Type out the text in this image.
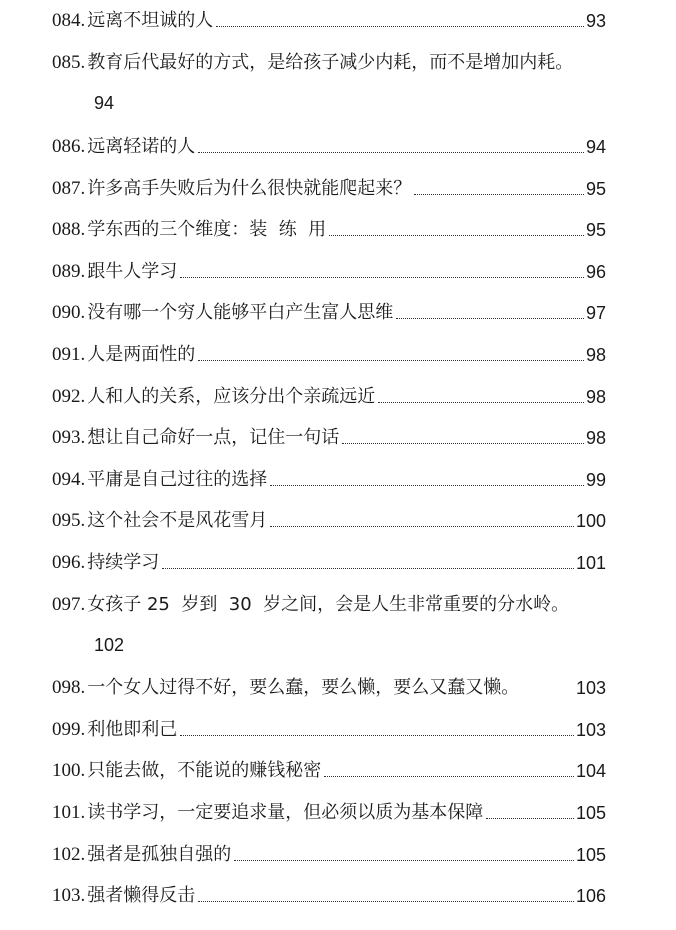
084. 远离不坦诚的人	93
085. 教育后代最好的方式，是给孩子减少内耗，而不是增加内耗。
94
086. 远离轻诺的人	94
087. 许多高手失败后为什么很快就能爬起来？	95
088. 学东西的三个维度：装  练  用	95
089. 跟牛人学习	96
090. 没有哪一个穷人能够平白产生富人思维	97
091. 人是两面性的	98
092. 人和人的关系，应该分出个亲疏远近	98
093. 想让自己命好一点，记住一句话	98
094. 平庸是自己过往的选择	99
095. 这个社会不是风花雪月	100
096. 持续学习	101
097. 女孩子 25  岁到  30  岁之间，会是人生非常重要的分水岭。
102
098. 一个女人过得不好，要么蠢，要么懒，要么又蠢又懒。	103
099. 利他即利己	103
100. 只能去做，不能说的赚钱秘密	104
101. 读书学习，一定要追求量，但必须以质为基本保障	105
102. 强者是孤独自强的	105
103. 强者懒得反击	106
